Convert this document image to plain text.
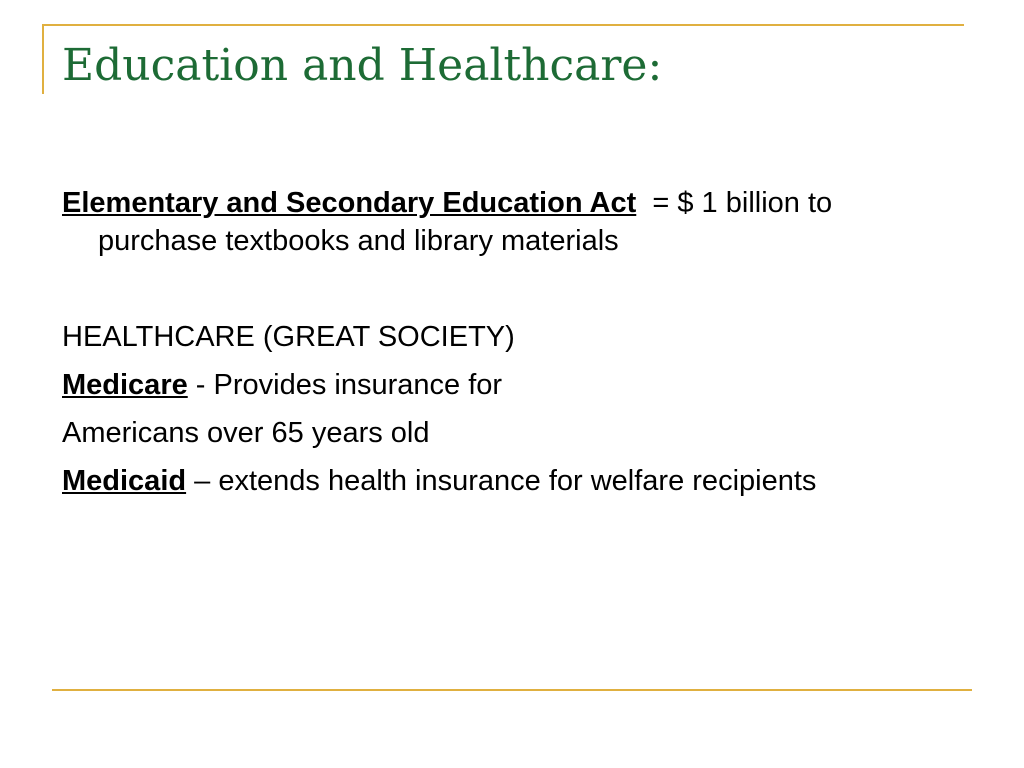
Education and Healthcare:

Elementary and Secondary Education Act  = $ 1 billion to purchase textbooks and library materials

HEALTHCARE (GREAT SOCIETY)

Medicare - Provides insurance for

Americans over 65 years old

Medicaid – extends health insurance for welfare recipients
